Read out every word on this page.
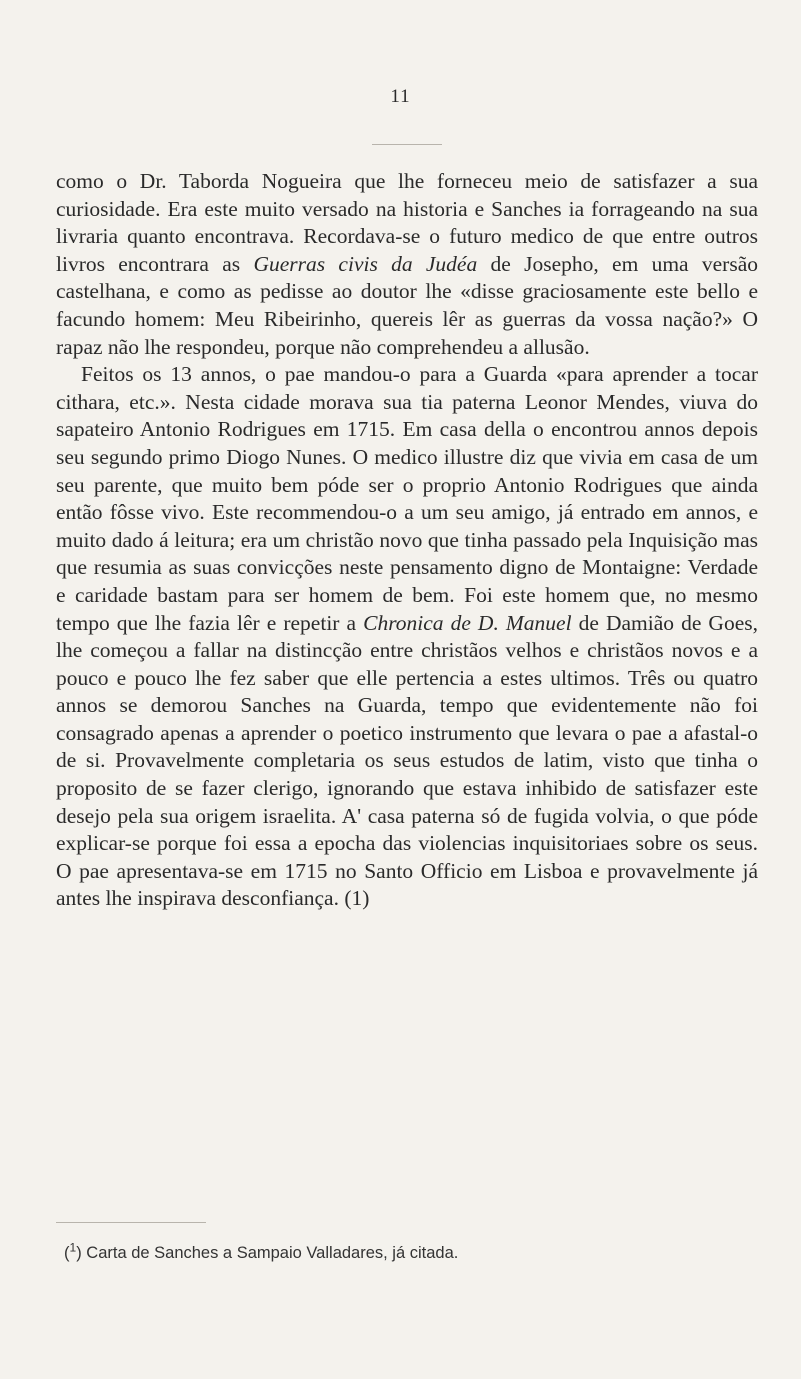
11

como o Dr. Taborda Nogueira que lhe forneceu meio de satisfazer a sua curiosidade. Era este muito versado na historia e Sanches ia forrageando na sua livraria quanto encontrava. Recordava-se o futuro medico de que entre outros livros encontrara as Guerras civis da Judéa de Josepho, em uma versão castelhana, e como as pedisse ao doutor lhe «disse graciosamente este bello e facundo homem: Meu Ribeirinho, quereis lêr as guerras da vossa nação?» O rapaz não lhe respondeu, porque não comprehendeu a allusão.

Feitos os 13 annos, o pae mandou-o para a Guarda «para aprender a tocar cithara, etc.». Nesta cidade morava sua tia paterna Leonor Mendes, viuva do sapateiro Antonio Rodrigues em 1715. Em casa della o encontrou annos depois seu segundo primo Diogo Nunes. O medico illustre diz que vivia em casa de um seu parente, que muito bem póde ser o proprio Antonio Rodrigues que ainda então fôsse vivo. Este recommendou-o a um seu amigo, já entrado em annos, e muito dado á leitura; era um christão novo que tinha passado pela Inquisição mas que resumia as suas convicções neste pensamento digno de Montaigne: Verdade e caridade bastam para ser homem de bem. Foi este homem que, no mesmo tempo que lhe fazia lêr e repetir a Chronica de D. Manuel de Damião de Goes, lhe começou a fallar na distincção entre christãos velhos e christãos novos e a pouco e pouco lhe fez saber que elle pertencia a estes ultimos. Três ou quatro annos se demorou Sanches na Guarda, tempo que evidentemente não foi consagrado apenas a aprender o poetico instrumento que levara o pae a afastal-o de si. Provavelmente completaria os seus estudos de latim, visto que tinha o proposito de se fazer clerigo, ignorando que estava inhibido de satisfazer este desejo pela sua origem israelita. A' casa paterna só de fugida volvia, o que póde explicar-se porque foi essa a epocha das violencias inquisitoriaes sobre os seus. O pae apresentava-se em 1715 no Santo Officio em Lisboa e provavelmente já antes lhe inspirava desconfiança. (1)

($^1$) Carta de Sanches a Sampaio Valladares, já citada.
